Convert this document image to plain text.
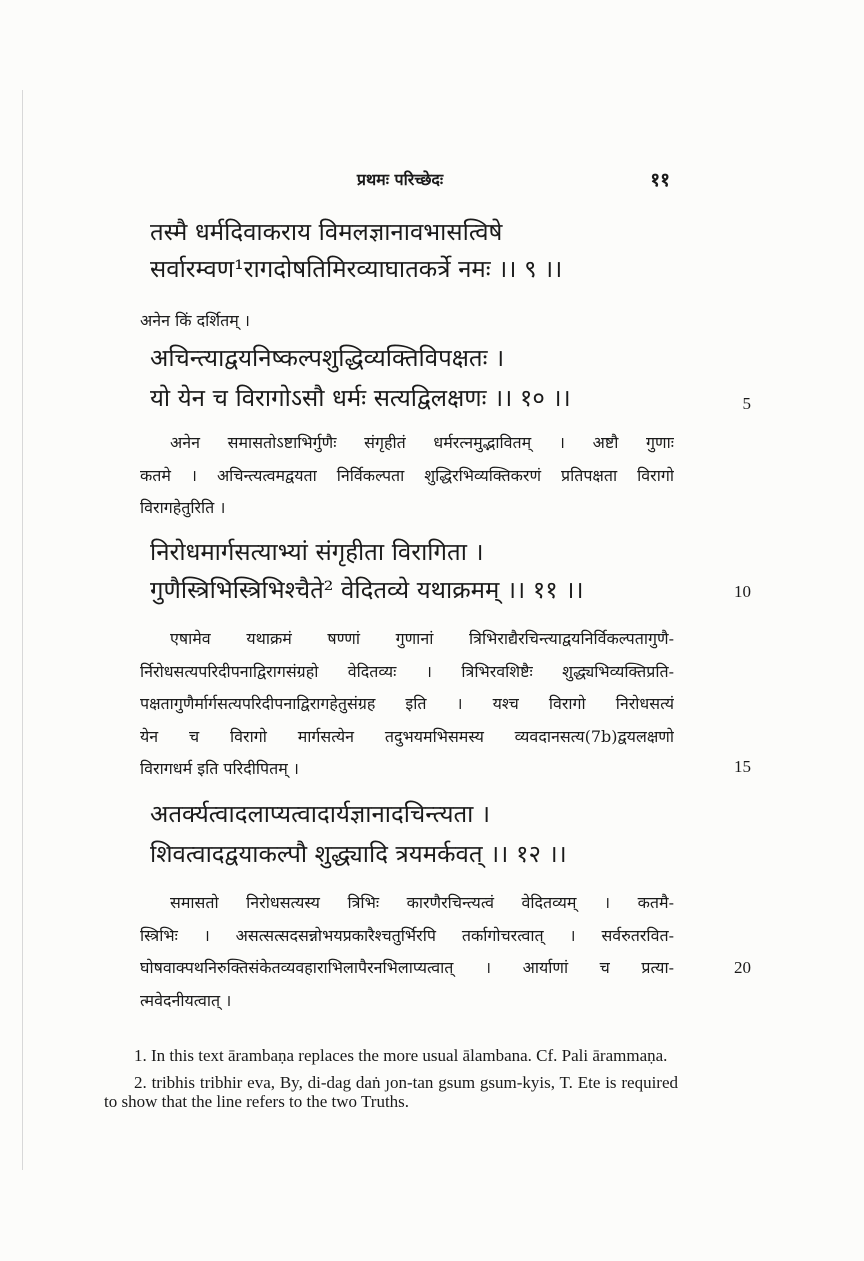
प्रथमः परिच्छेदः	११
तस्मै धर्मदिवाकराय विमलज्ञानावभासत्विषे
सर्वारम्वण¹रागदोषतिमिरव्याघातकर्त्रे नमः ।। ९ ।।
अनेन किं दर्शितम् ।
अचिन्त्याद्वयनिष्कल्पशुद्धिव्यक्तिविपक्षतः ।
यो येन च विरागोऽसौ धर्मः सत्यद्विलक्षणः ।। १० ।।	5
अनेन समासतोऽष्टाभिर्गुणैः संगृहीतं धर्मरत्नमुद्भावितम् । अष्टौ गुणाः
कतमे । अचिन्त्यत्वमद्वयता निर्विकल्पता शुद्धिरभिव्यक्तिकरणं प्रतिपक्षता विरागो
विरागहेतुरिति ।
निरोधमार्गसत्याभ्यां संगृहीता विरागिता ।
गुणैस्त्रिभिस्त्रिभिश्चैते² वेदितव्ये यथाक्रमम् ।। ११ ।।	10
एषामेव यथाक्रमं षण्णां गुणानां त्रिभिराद्यैरचिन्त्याद्वयनिर्विकल्पतागुणै-
र्निरोधसत्यपरिदीपनाद्विरागसंग्रहो वेदितव्यः । त्रिभिरवशिष्टैः शुद्ध्यभिव्यक्तिप्रति-
पक्षतागुणैर्मार्गसत्यपरिदीपनाद्विरागहेतुसंग्रह इति । यश्च विरागो निरोधसत्यं
येन च विरागो मार्गसत्येन तदुभयमभिसमस्य व्यवदानसत्य(7b)द्वयलक्षणो
विरागधर्म इति परिदीपितम् ।	15
अतर्क्यत्वादलाप्यत्वादार्यज्ञानादचिन्त्यता ।
शिवत्वादद्वयाकल्पौ शुद्ध्यादि त्रयमर्कवत् ।। १२ ।।
समासतो निरोधसत्यस्य त्रिभिः कारणैरचिन्त्यत्वं वेदितव्यम् । कतमै-
स्त्रिभिः । असत्सत्सदसन्नोभयप्रकारैश्चतुर्भिरपि तर्कागोचरत्वात् । सर्वरुतरवित-
घोषवाक्पथनिरुक्तिसंकेतव्यवहाराभिलापैरनभिलाप्यत्वात् । आर्याणां च प्रत्या-
त्मवेदनीयत्वात् ।
20

1. In this text ārambaṇa replaces the more usual ālambana. Cf. Pali ārammaṇa.

2. tribhis tribhir eva, By, di-dag daṅ ȷon-tan gsum gsum-kyis, T. Ete is required to show that the line refers to the two Truths.
